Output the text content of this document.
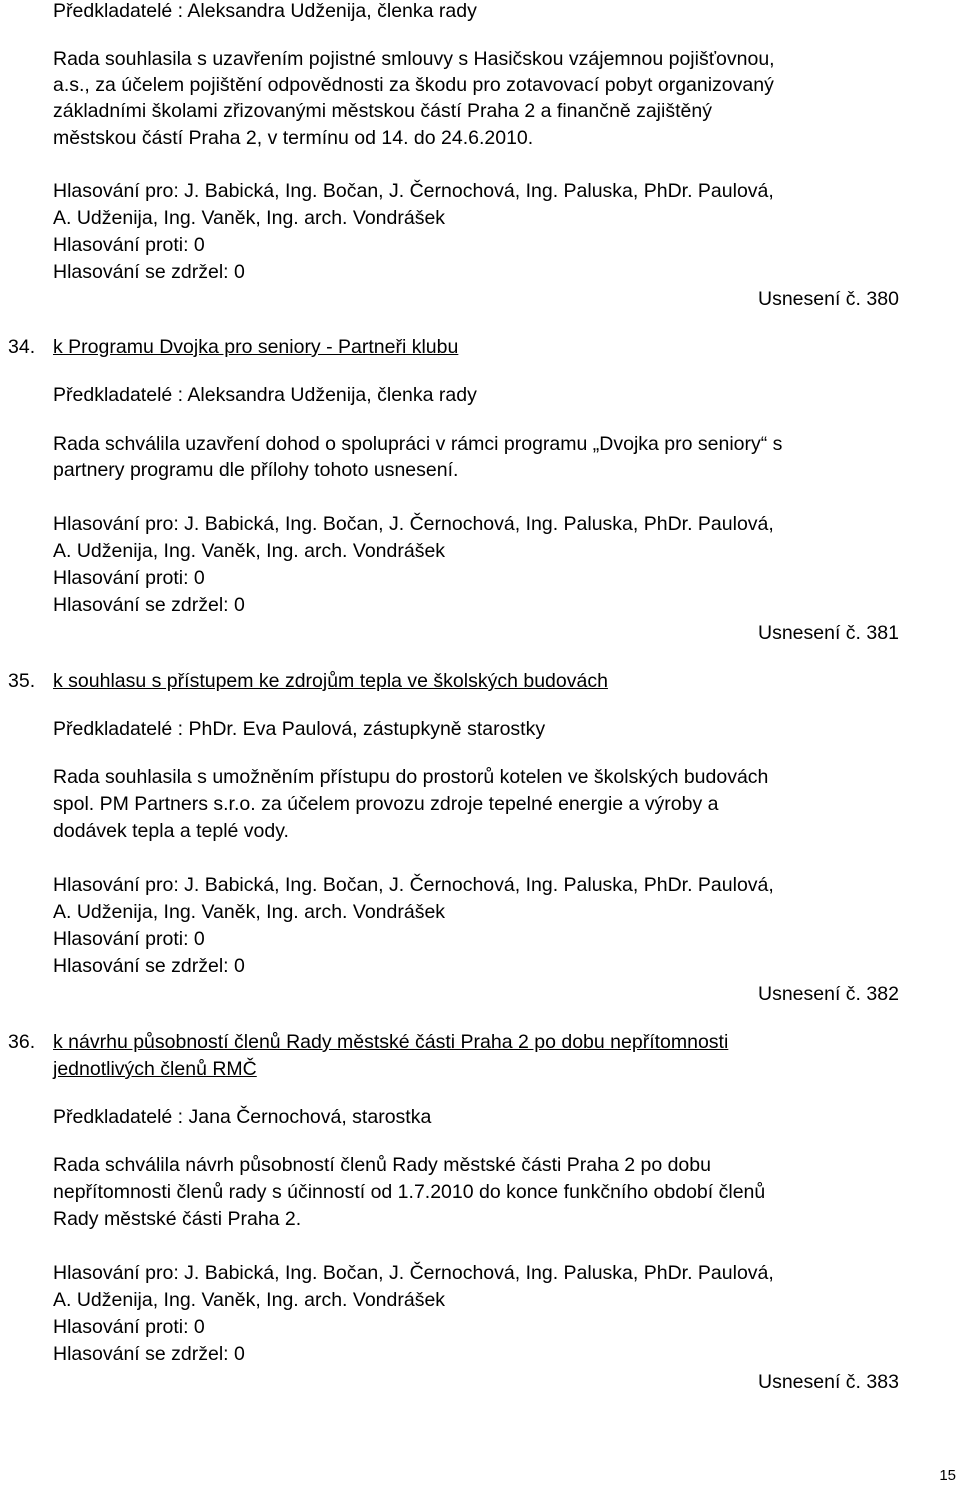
Předkladatelé : Aleksandra Udženija, členka rady
Rada souhlasila s uzavřením pojistné smlouvy s Hasičskou vzájemnou pojišťovnou,
a.s., za účelem pojištění odpovědnosti za škodu pro zotavovací pobyt organizovaný
základními školami zřizovanými městskou částí Praha 2 a finančně zajištěný
městskou částí Praha 2, v termínu od 14. do 24.6.2010.
Hlasování pro: J. Babická, Ing. Bočan, J. Černochová, Ing. Paluska, PhDr. Paulová,
A. Udženija, Ing. Vaněk, Ing. arch. Vondrášek
Hlasování proti: 0
Hlasování se zdržel: 0
Usnesení č. 380
34. k Programu Dvojka pro seniory - Partneři klubu
Předkladatelé : Aleksandra Udženija, členka rady
Rada schválila uzavření dohod o spolupráci v rámci programu „Dvojka pro seniory“ s
partnery programu dle přílohy tohoto usnesení.
Hlasování pro: J. Babická, Ing. Bočan, J. Černochová, Ing. Paluska, PhDr. Paulová,
A. Udženija, Ing. Vaněk, Ing. arch. Vondrášek
Hlasování proti: 0
Hlasování se zdržel: 0
Usnesení č. 381
35. k souhlasu s přístupem ke zdrojům tepla ve školských budovách
Předkladatelé : PhDr. Eva Paulová, zástupkyně starostky
Rada souhlasila s umožněním přístupu do prostorů kotelen ve školských budovách
spol. PM Partners s.r.o. za účelem provozu zdroje tepelné energie a výroby a
dodávek tepla a teplé vody.
Hlasování pro: J. Babická, Ing. Bočan, J. Černochová, Ing. Paluska, PhDr. Paulová,
A. Udženija, Ing. Vaněk, Ing. arch. Vondrášek
Hlasování proti: 0
Hlasování se zdržel: 0
Usnesení č. 382
36. k návrhu působností členů Rady městské části Praha 2 po dobu nepřítomnosti
jednotlivých členů RMČ
Předkladatelé : Jana Černochová, starostka
Rada schválila návrh působností členů Rady městské části Praha 2 po dobu
nepřítomnosti členů rady s účinností od 1.7.2010 do konce funkčního období členů
Rady městské části Praha 2.
Hlasování pro: J. Babická, Ing. Bočan, J. Černochová, Ing. Paluska, PhDr. Paulová,
A. Udženija, Ing. Vaněk, Ing. arch. Vondrášek
Hlasování proti: 0
Hlasování se zdržel: 0
Usnesení č. 383
15
